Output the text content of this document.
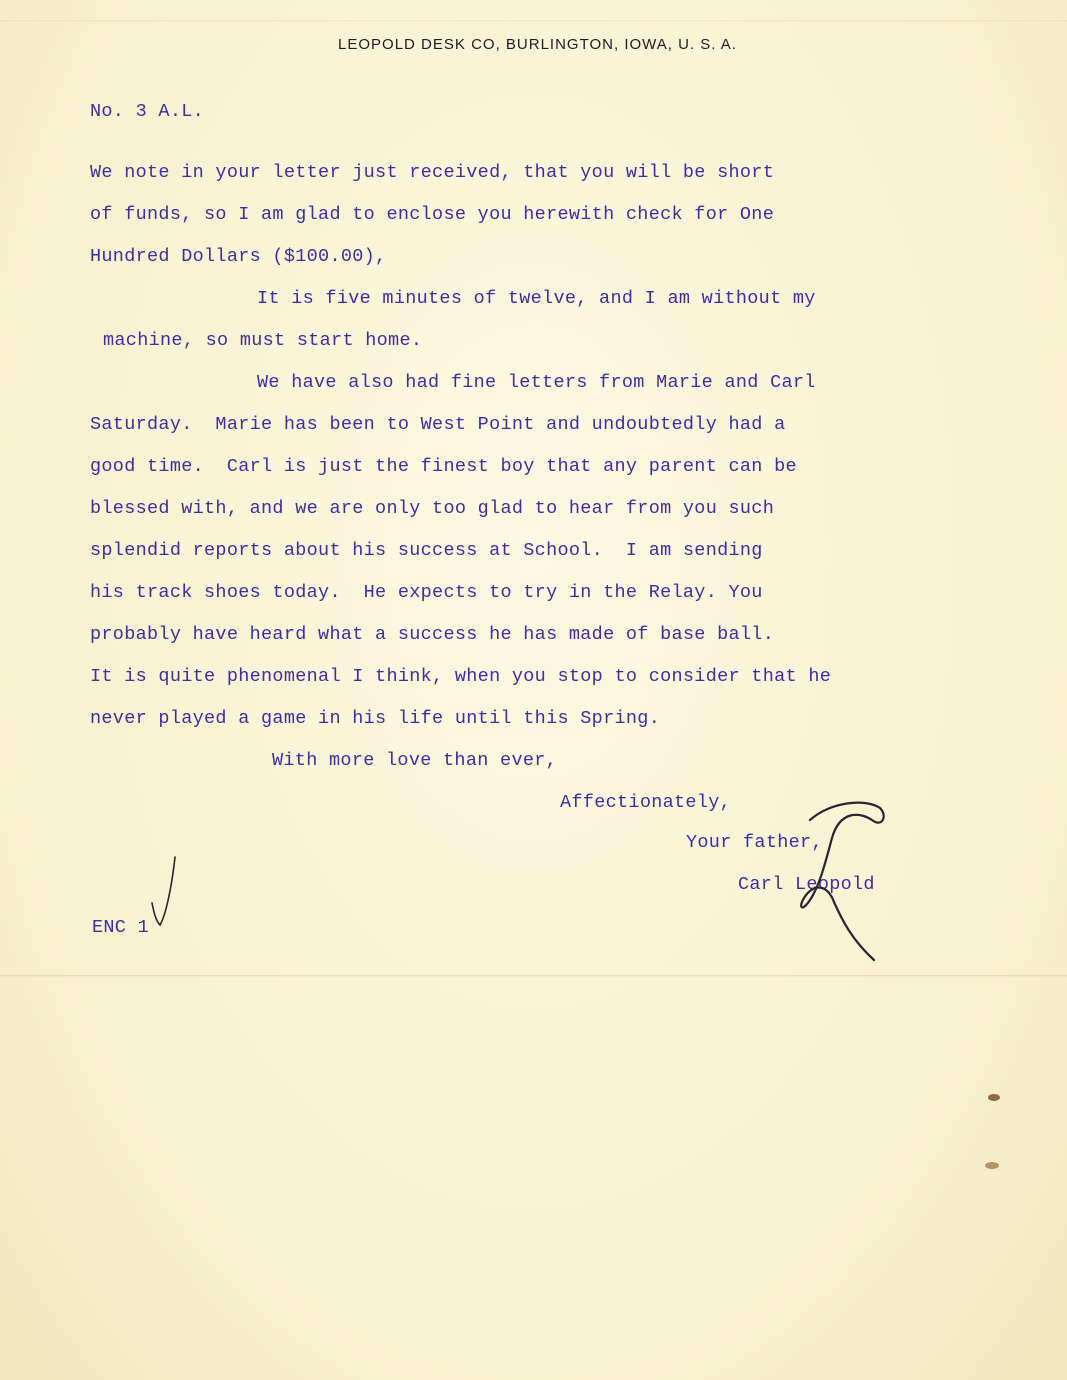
LEOPOLD DESK CO, BURLINGTON, IOWA, U. S. A.
No. 3 A.L.
We note in your letter just received, that you will be short
of funds, so I am glad to enclose you herewith check for One
Hundred Dollars ($100.00),
It is five minutes of twelve, and I am without my
machine, so must start home.
We have also had fine letters from Marie and Carl
Saturday.  Marie has been to West Point and undoubtedly had a
good time.  Carl is just the finest boy that any parent can be
blessed with, and we are only too glad to hear from you such
splendid reports about his success at School.  I am sending
his track shoes today.  He expects to try in the Relay. You
probably have heard what a success he has made of base ball.
It is quite phenomenal I think, when you stop to consider that he
never played a game in his life until this Spring.
With more love than ever,
Affectionately,
Your father,
Carl Leopold
ENC 1
